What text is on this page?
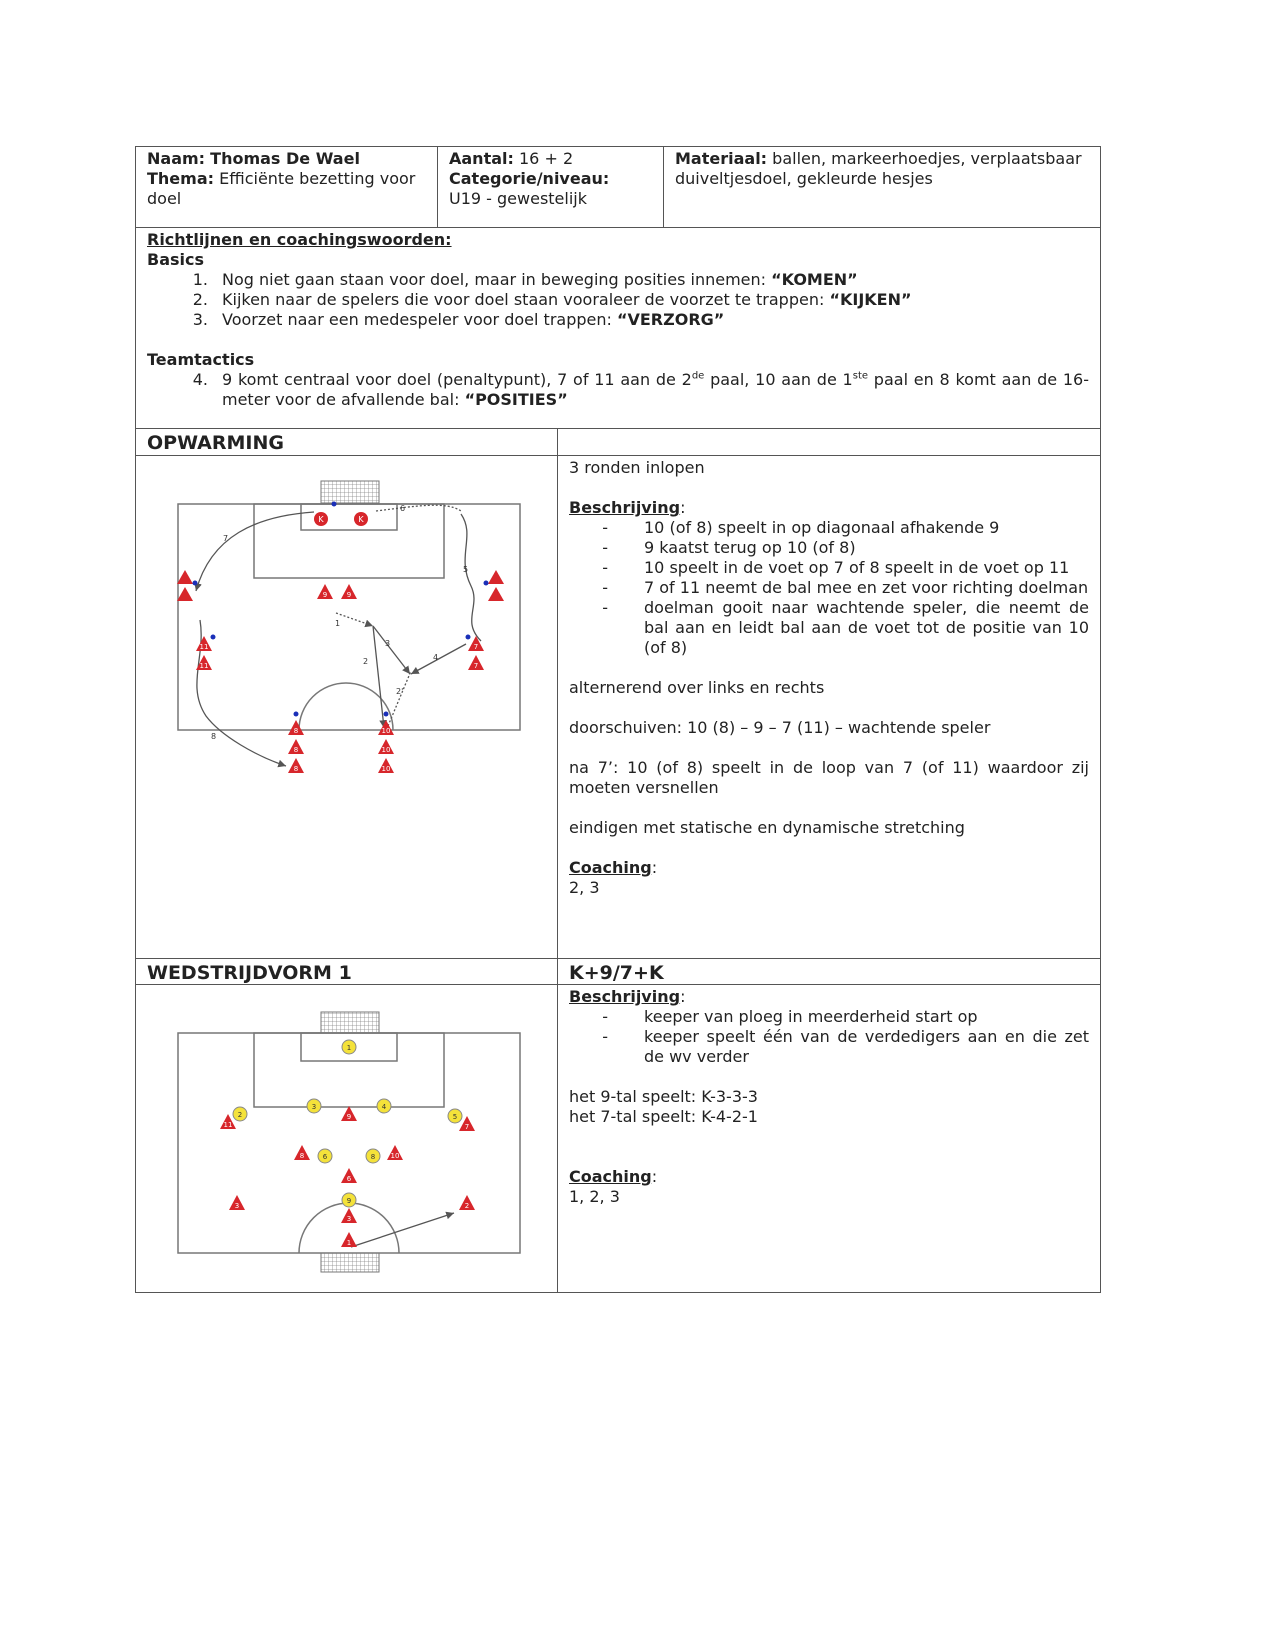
Naam: Thomas De Wael
Thema: Efficiënte bezetting voor doel
Aantal: 16 + 2
Categorie/niveau:
U19 - gewestelijk
Materiaal: ballen, markeerhoedjes, verplaatsbaar duiveltjesdoel, gekleurde hesjes
Richtlijnen en coachingswoorden:
Basics
1. Nog niet gaan staan voor doel, maar in beweging posities innemen: “KOMEN”
2. Kijken naar de spelers die voor doel staan vooraleer de voorzet te trappen: “KIJKEN”
3. Voorzet naar een medespeler voor doel trappen: “VERZORG”
Teamtactics
4. 9 komt centraal voor doel (penaltypunt), 7 of 11 aan de 2de paal, 10 aan de 1ste paal en 8 komt aan de 16-meter voor de afvallende bal: “POSITIES”
OPWARMING
7
6
5
1
2
3
4
2'
8
K	K
9	9
11
11
7
7
8
8
8
10
10
10

3 ronden inlopen

Beschrijving:

-	10 (of 8) speelt in op diagonaal afhakende 9
-	9 kaatst terug op 10 (of 8)
-	10 speelt in de voet op 7 of 8 speelt in de voet op 11
-	7 of 11 neemt de bal mee en zet voor richting doelman
-	doelman gooit naar wachtende speler, die neemt de bal aan en leidt bal aan de voet tot de positie van 10 (of 8)

alternerend over links en rechts

doorschuiven: 10 (8) – 9 – 7 (11) – wachtende speler

na 7’: 10 (of 8) speelt in de loop van 7 (of 11) waardoor zij moeten versnellen

eindigen met statische en dynamische stretching

Coaching:

2, 3

WEDSTRIJDVORM 1	K+9/7+K
1
2
3	4
5
6	8
9
11
9
7
8	10
6
3	2
3
1

Beschrijving:

-	keeper van ploeg in meerderheid start op
-	keeper speelt één van de verdedigers aan en die zet de wv verder

het 9-tal speelt: K-3-3-3

het 7-tal speelt: K-4-2-1

Coaching:

1, 2, 3
